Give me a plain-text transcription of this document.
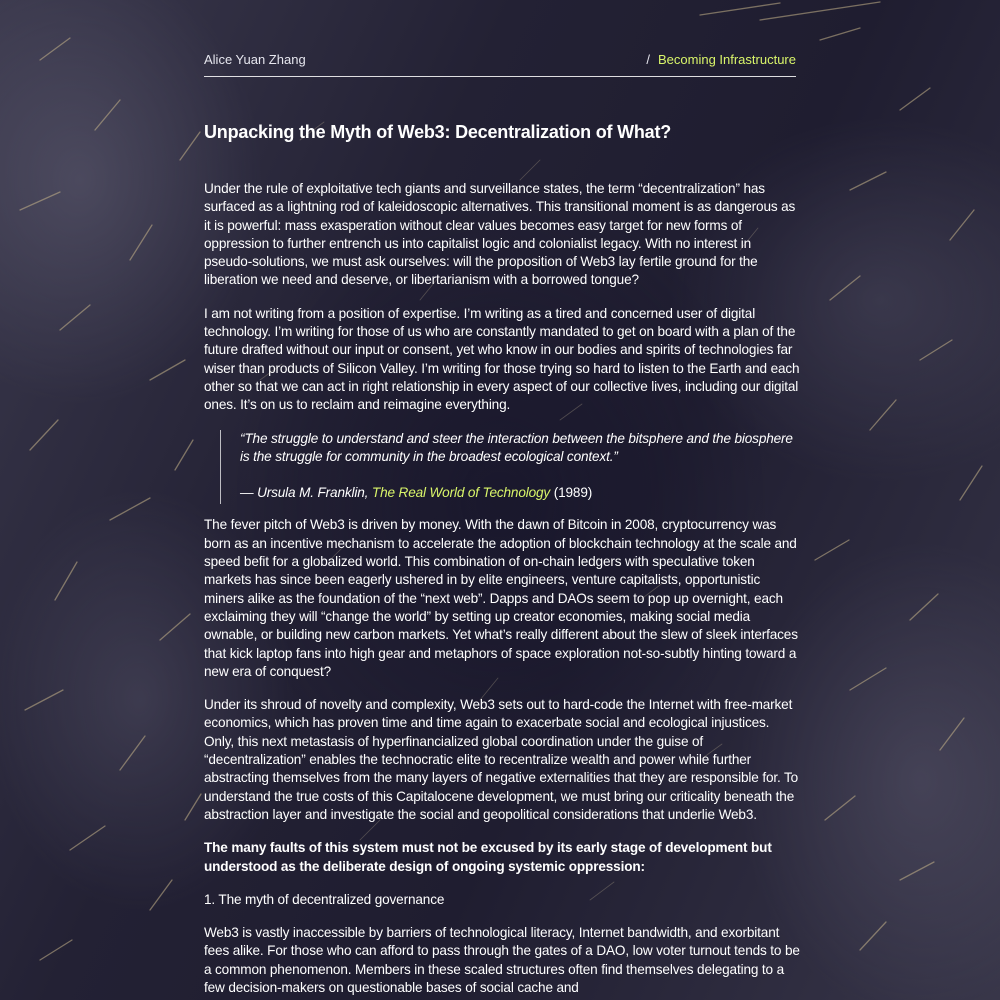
Alice Yuan Zhang	/ Becoming Infrastructure
Unpacking the Myth of Web3: Decentralization of What?

Under the rule of exploitative tech giants and surveillance states, the term “decentralization” has surfaced as a lightning rod of kaleidoscopic alternatives. This transitional moment is as dangerous as it is powerful: mass exasperation without clear values becomes easy target for new forms of oppression to further entrench us into capitalist logic and colonialist legacy. With no interest in pseudo-solutions, we must ask ourselves: will the proposition of Web3 lay fertile ground for the liberation we need and deserve, or libertarianism with a borrowed tongue?

I am not writing from a position of expertise. I’m writing as a tired and concerned user of digital technology. I’m writing for those of us who are constantly mandated to get on board with a plan of the future drafted without our input or consent, yet who know in our bodies and spirits of technologies far wiser than products of Silicon Valley. I’m writing for those trying so hard to listen to the Earth and each other so that we can act in right relationship in every aspect of our collective lives, including our digital ones. It’s on us to reclaim and reimagine everything.

“The struggle to understand and steer the interaction between the bitsphere and the biosphere is the struggle for community in the broadest ecological context.”

— Ursula M. Franklin, The Real World of Technology (1989)

The fever pitch of Web3 is driven by money. With the dawn of Bitcoin in 2008, cryptocurrency was born as an incentive mechanism to accelerate the adoption of blockchain technology at the scale and speed befit for a globalized world. This combination of on-chain ledgers with speculative token markets has since been eagerly ushered in by elite engineers, venture capitalists, opportunistic miners alike as the foundation of the “next web”. Dapps and DAOs seem to pop up overnight, each exclaiming they will “change the world” by setting up creator economies, making social media ownable, or building new carbon markets. Yet what’s really different about the slew of sleek interfaces that kick laptop fans into high gear and metaphors of space exploration not-so-subtly hinting toward a new era of conquest?

Under its shroud of novelty and complexity, Web3 sets out to hard-code the Internet with free-market economics, which has proven time and time again to exacerbate social and ecological injustices. Only, this next metastasis of hyperfinancialized global coordination under the guise of “decentralization” enables the technocratic elite to recentralize wealth and power while further abstracting themselves from the many layers of negative externalities that they are responsible for. To understand the true costs of this Capitalocene development, we must bring our criticality beneath the abstraction layer and investigate the social and geopolitical considerations that underlie Web3.

The many faults of this system must not be excused by its early stage of development but understood as the deliberate design of ongoing systemic oppression:

1. The myth of decentralized governance

Web3 is vastly inaccessible by barriers of technological literacy, Internet bandwidth, and exorbitant fees alike. For those who can afford to pass through the gates of a DAO, low voter turnout tends to be a common phenomenon. Members in these scaled structures often find themselves delegating to a few decision-makers on questionable bases of social cache and
